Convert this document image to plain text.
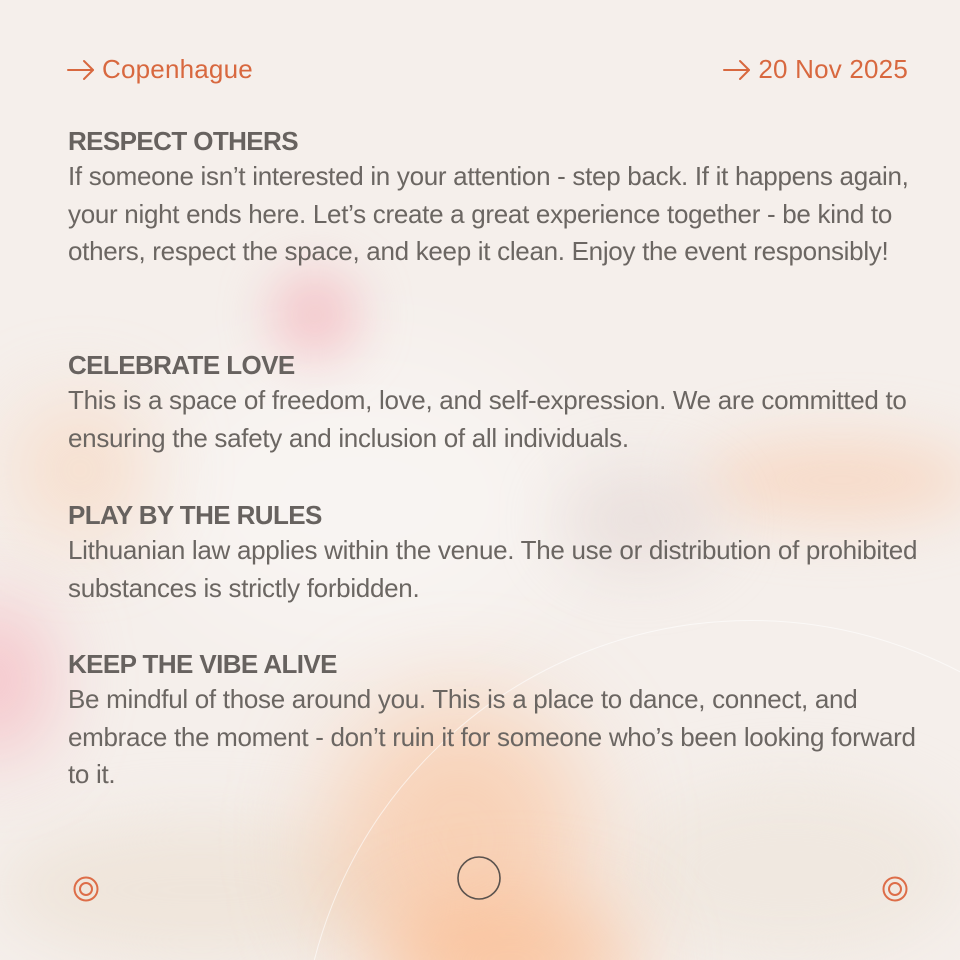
Copenhague	20 Nov 2025
RESPECT OTHERS

If someone isn’t interested in your attention - step back. If it happens again, your night ends here. Let’s create a great experience together - be kind to others, respect the space, and keep it clean. Enjoy the event responsibly!

CELEBRATE LOVE

This is a space of freedom, love, and self-expression. We are committed to ensuring the safety and inclusion of all individuals.

PLAY BY THE RULES

Lithuanian law applies within the venue. The use or distribution of prohibited substances is strictly forbidden.

KEEP THE VIBE ALIVE

Be mindful of those around you. This is a place to dance, connect, and embrace the moment - don’t ruin it for someone who’s been looking forward to it.
